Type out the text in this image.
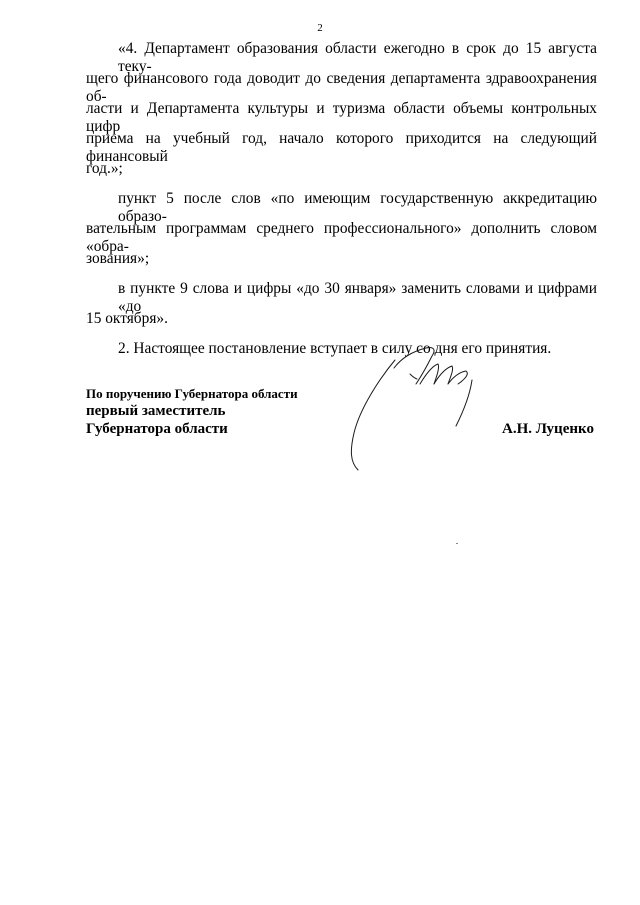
2
«4. Департамент образования области ежегодно в срок до 15 августа теку-
щего финансового года доводит до сведения департамента здравоохранения об-
ласти и Департамента культуры и туризма области объемы контрольных цифр
приема на учебный год, начало которого приходится на следующий финансовый
год.»;
пункт 5 после слов «по имеющим государственную аккредитацию образо-
вательным программам среднего профессионального» дополнить словом «обра-
зования»;
в пункте 9 слова и цифры «до 30 января» заменить словами и цифрами «до
15 октября».
2. Настоящее постановление вступает в силу со дня его принятия.
По поручению Губернатора области
первый заместитель
Губернатора области	А.Н. Луценко
